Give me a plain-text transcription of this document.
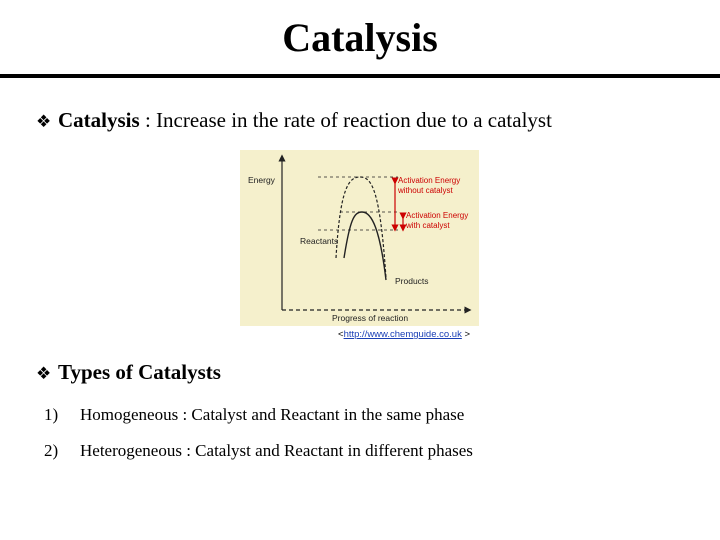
Catalysis
❖ Catalysis : Increase in the rate of reaction due to a catalyst
Energy
Progress of reaction
Reactants
Products
Activation Energy
without catalyst
Activation Energy
with catalyst
<http://www.chemguide.co.uk >
❖ Types of Catalysts
1) Homogeneous : Catalyst and Reactant in the same phase
2) Heterogeneous : Catalyst and Reactant in different phases
